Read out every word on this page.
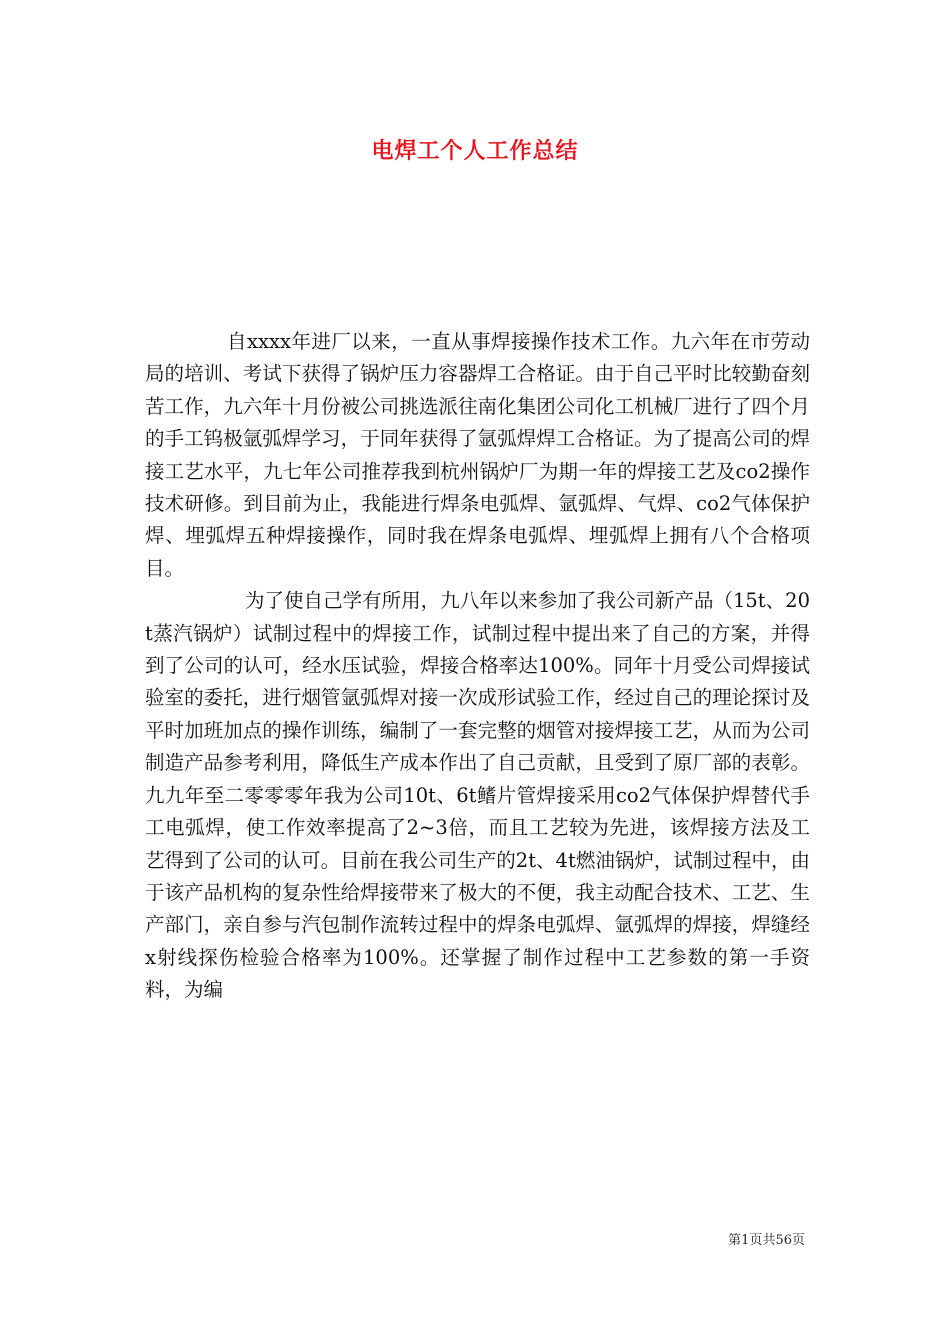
电焊工个人工作总结

自xxxx年进厂以来，一直从事焊接操作技术工作。九六年在市劳动局的培训、考试下获得了锅炉压力容器焊工合格证。由于自己平时比较勤奋刻苦工作，九六年十月份被公司挑选派往南化集团公司化工机械厂进行了四个月的手工钨极氩弧焊学习，于同年获得了氩弧焊焊工合格证。为了提高公司的焊接工艺水平，九七年公司推荐我到杭州锅炉厂为期一年的焊接工艺及co2操作技术研修。到目前为止，我能进行焊条电弧焊、氩弧焊、气焊、co2气体保护焊、埋弧焊五种焊接操作，同时我在焊条电弧焊、埋弧焊上拥有八个合格项目。

为了使自己学有所用，九八年以来参加了我公司新产品（15t、20t蒸汽锅炉）试制过程中的焊接工作，试制过程中提出来了自己的方案，并得到了公司的认可，经水压试验，焊接合格率达100%。同年十月受公司焊接试验室的委托，进行烟管氩弧焊对接一次成形试验工作，经过自己的理论探讨及平时加班加点的操作训练，编制了一套完整的烟管对接焊接工艺，从而为公司制造产品参考利用，降低生产成本作出了自己贡献，且受到了原厂部的表彰。九九年至二零零零年我为公司10t、6t鳍片管焊接采用co2气体保护焊替代手工电弧焊，使工作效率提高了2~3倍，而且工艺较为先进，该焊接方法及工艺得到了公司的认可。目前在我公司生产的2t、4t燃油锅炉，试制过程中，由于该产品机构的复杂性给焊接带来了极大的不便，我主动配合技术、工艺、生产部门，亲自参与汽包制作流转过程中的焊条电弧焊、氩弧焊的焊接，焊缝经x射线探伤检验合格率为100%。还掌握了制作过程中工艺参数的第一手资料，为编

第1页共56页
